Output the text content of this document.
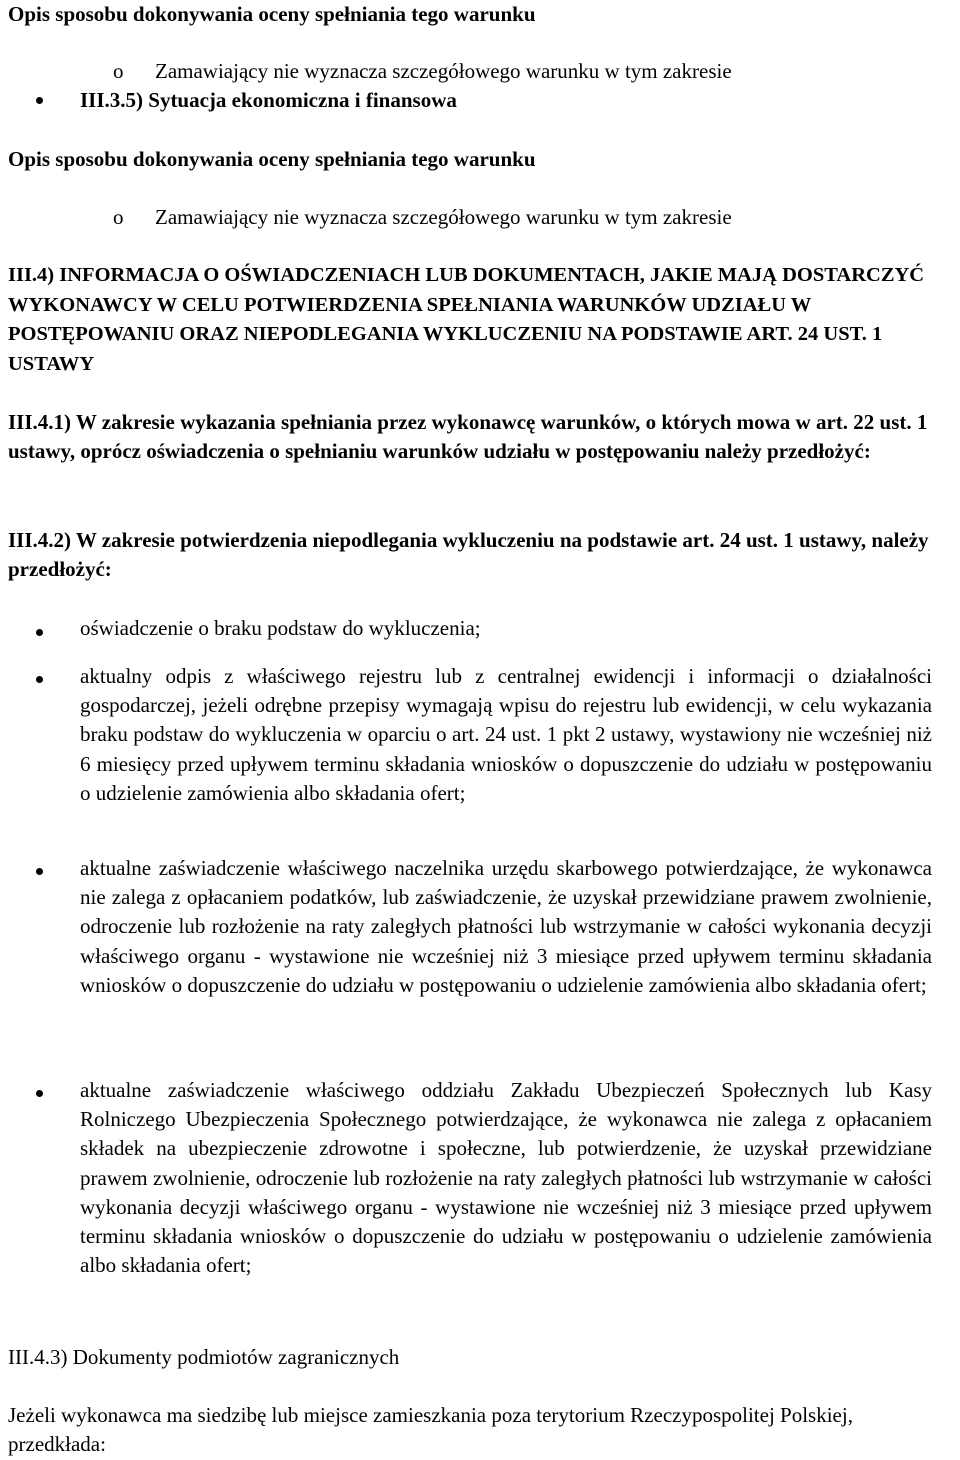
Opis sposobu dokonywania oceny spełniania tego warunku
o Zamawiający nie wyznacza szczegółowego warunku w tym zakresie
III.3.5) Sytuacja ekonomiczna i finansowa
Opis sposobu dokonywania oceny spełniania tego warunku
o Zamawiający nie wyznacza szczegółowego warunku w tym zakresie
III.4) INFORMACJA O OŚWIADCZENIACH LUB DOKUMENTACH, JAKIE MAJĄ DOSTARCZYĆ WYKONAWCY W CELU POTWIERDZENIA SPEŁNIANIA WARUNKÓW UDZIAŁU W POSTĘPOWANIU ORAZ NIEPODLEGANIA WYKLUCZENIU NA PODSTAWIE ART. 24 UST. 1 USTAWY
III.4.1) W zakresie wykazania spełniania przez wykonawcę warunków, o których mowa w art. 22 ust. 1 ustawy, oprócz oświadczenia o spełnianiu warunków udziału w postępowaniu należy przedłożyć:
III.4.2) W zakresie potwierdzenia niepodlegania wykluczeniu na podstawie art. 24 ust. 1 ustawy, należy przedłożyć:
oświadczenie o braku podstaw do wykluczenia;
aktualny odpis z właściwego rejestru lub z centralnej ewidencji i informacji o działalności gospodarczej, jeżeli odrębne przepisy wymagają wpisu do rejestru lub ewidencji, w celu wykazania braku podstaw do wykluczenia w oparciu o art. 24 ust. 1 pkt 2 ustawy, wystawiony nie wcześniej niż 6 miesięcy przed upływem terminu składania wniosków o dopuszczenie do udziału w postępowaniu o udzielenie zamówienia albo składania ofert;
aktualne zaświadczenie właściwego naczelnika urzędu skarbowego potwierdzające, że wykonawca nie zalega z opłacaniem podatków, lub zaświadczenie, że uzyskał przewidziane prawem zwolnienie, odroczenie lub rozłożenie na raty zaległych płatności lub wstrzymanie w całości wykonania decyzji właściwego organu - wystawione nie wcześniej niż 3 miesiące przed upływem terminu składania wniosków o dopuszczenie do udziału w postępowaniu o udzielenie zamówienia albo składania ofert;
aktualne zaświadczenie właściwego oddziału Zakładu Ubezpieczeń Społecznych lub Kasy Rolniczego Ubezpieczenia Społecznego potwierdzające, że wykonawca nie zalega z opłacaniem składek na ubezpieczenie zdrowotne i społeczne, lub potwierdzenie, że uzyskał przewidziane prawem zwolnienie, odroczenie lub rozłożenie na raty zaległych płatności lub wstrzymanie w całości wykonania decyzji właściwego organu - wystawione nie wcześniej niż 3 miesiące przed upływem terminu składania wniosków o dopuszczenie do udziału w postępowaniu o udzielenie zamówienia albo składania ofert;
III.4.3) Dokumenty podmiotów zagranicznych
Jeżeli wykonawca ma siedzibę lub miejsce zamieszkania poza terytorium Rzeczypospolitej Polskiej, przedkłada:
